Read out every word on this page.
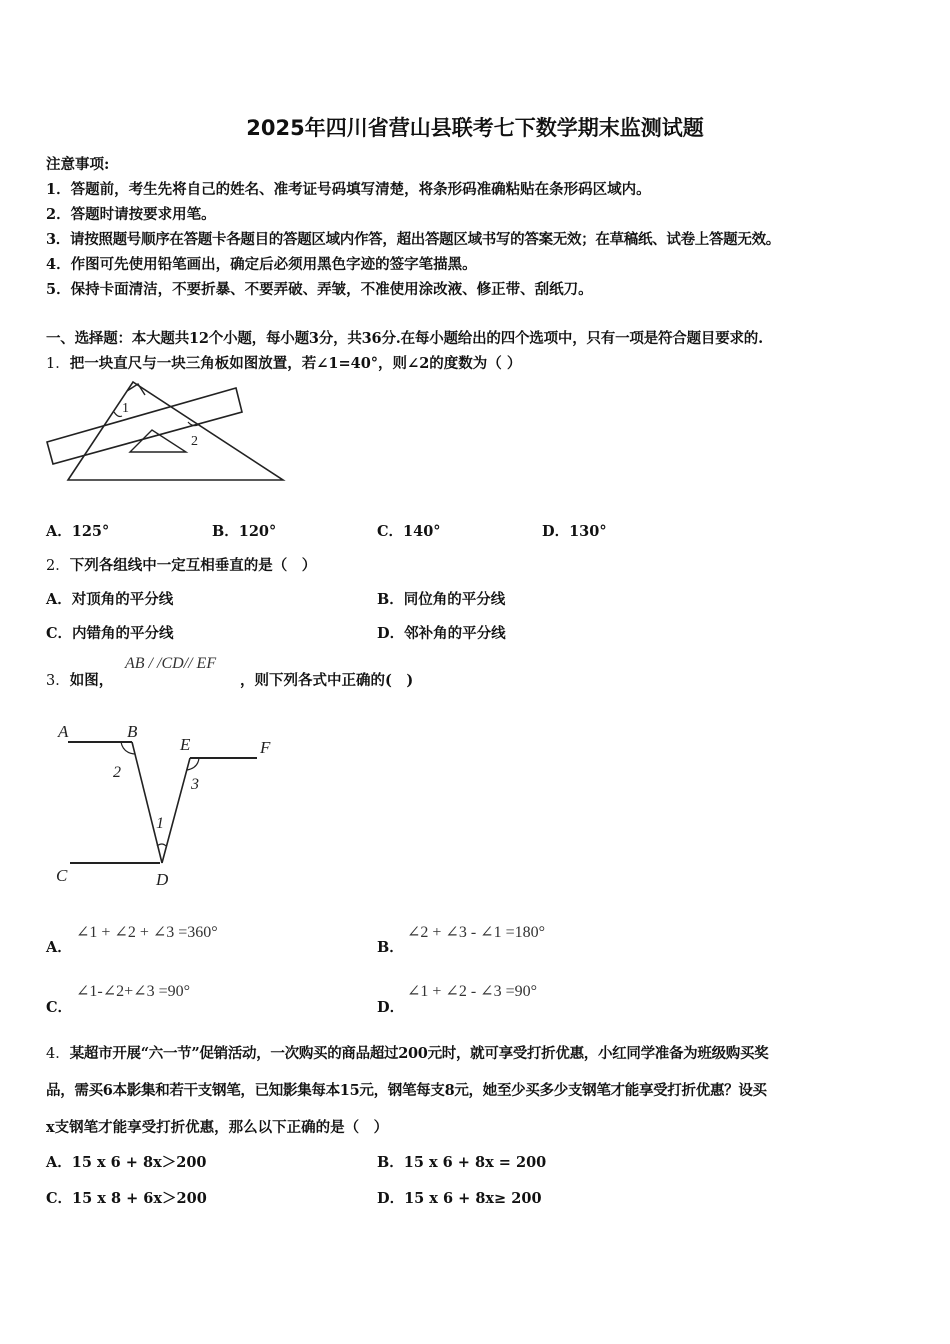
2025年四川省营山县联考七下数学期末监测试题
注意事项:
1．答题前，考生先将自己的姓名、准考证号码填写清楚，将条形码准确粘贴在条形码区域内。
2．答题时请按要求用笔。
3．请按照题号顺序在答题卡各题目的答题区域内作答，超出答题区域书写的答案无效；在草稿纸、试卷上答题无效。
4．作图可先使用铅笔画出，确定后必须用黑色字迹的签字笔描黑。
5．保持卡面清洁，不要折暴、不要弄破、弄皱，不准使用涂改液、修正带、刮纸刀。
一、选择题：本大题共12个小题，每小题3分，共36分.在每小题给出的四个选项中，只有一项是符合题目要求的.
1．把一块直尺与一块三角板如图放置，若∠1=40°，则∠2的度数为（ ）
1
2
A．125°	B．120°	C．140°	D．130°
2．下列各组线中一定互相垂直的是（　）
A．对顶角的平分线	B．同位角的平分线
C．内错角的平分线	D．邻补角的平分线
3．如图，
AB / /CD// EF
，则下列各式中正确的(　)
A	B
E	F
2
3
1
C	D
A．
∠1 + ∠2 + ∠3 =360°
B．
∠2 + ∠3 - ∠1 =180°
C．
∠1-∠2+∠3 =90°
D．
∠1 + ∠2 - ∠3 =90°
4．某超市开展“六一节”促销活动，一次购买的商品超过200元时，就可享受打折优惠，小红同学准备为班级购买奖
品，需买6本影集和若干支钢笔，已知影集每本15元，钢笔每支8元，她至少买多少支钢笔才能享受打折优惠？设买
x支钢笔才能享受打折优惠，那么以下正确的是（　）
A．15 x 6 + 8x＞200	B．15 x 6 + 8x = 200
C．15 x 8 + 6x＞200	D．15 x 6 + 8x≥ 200
